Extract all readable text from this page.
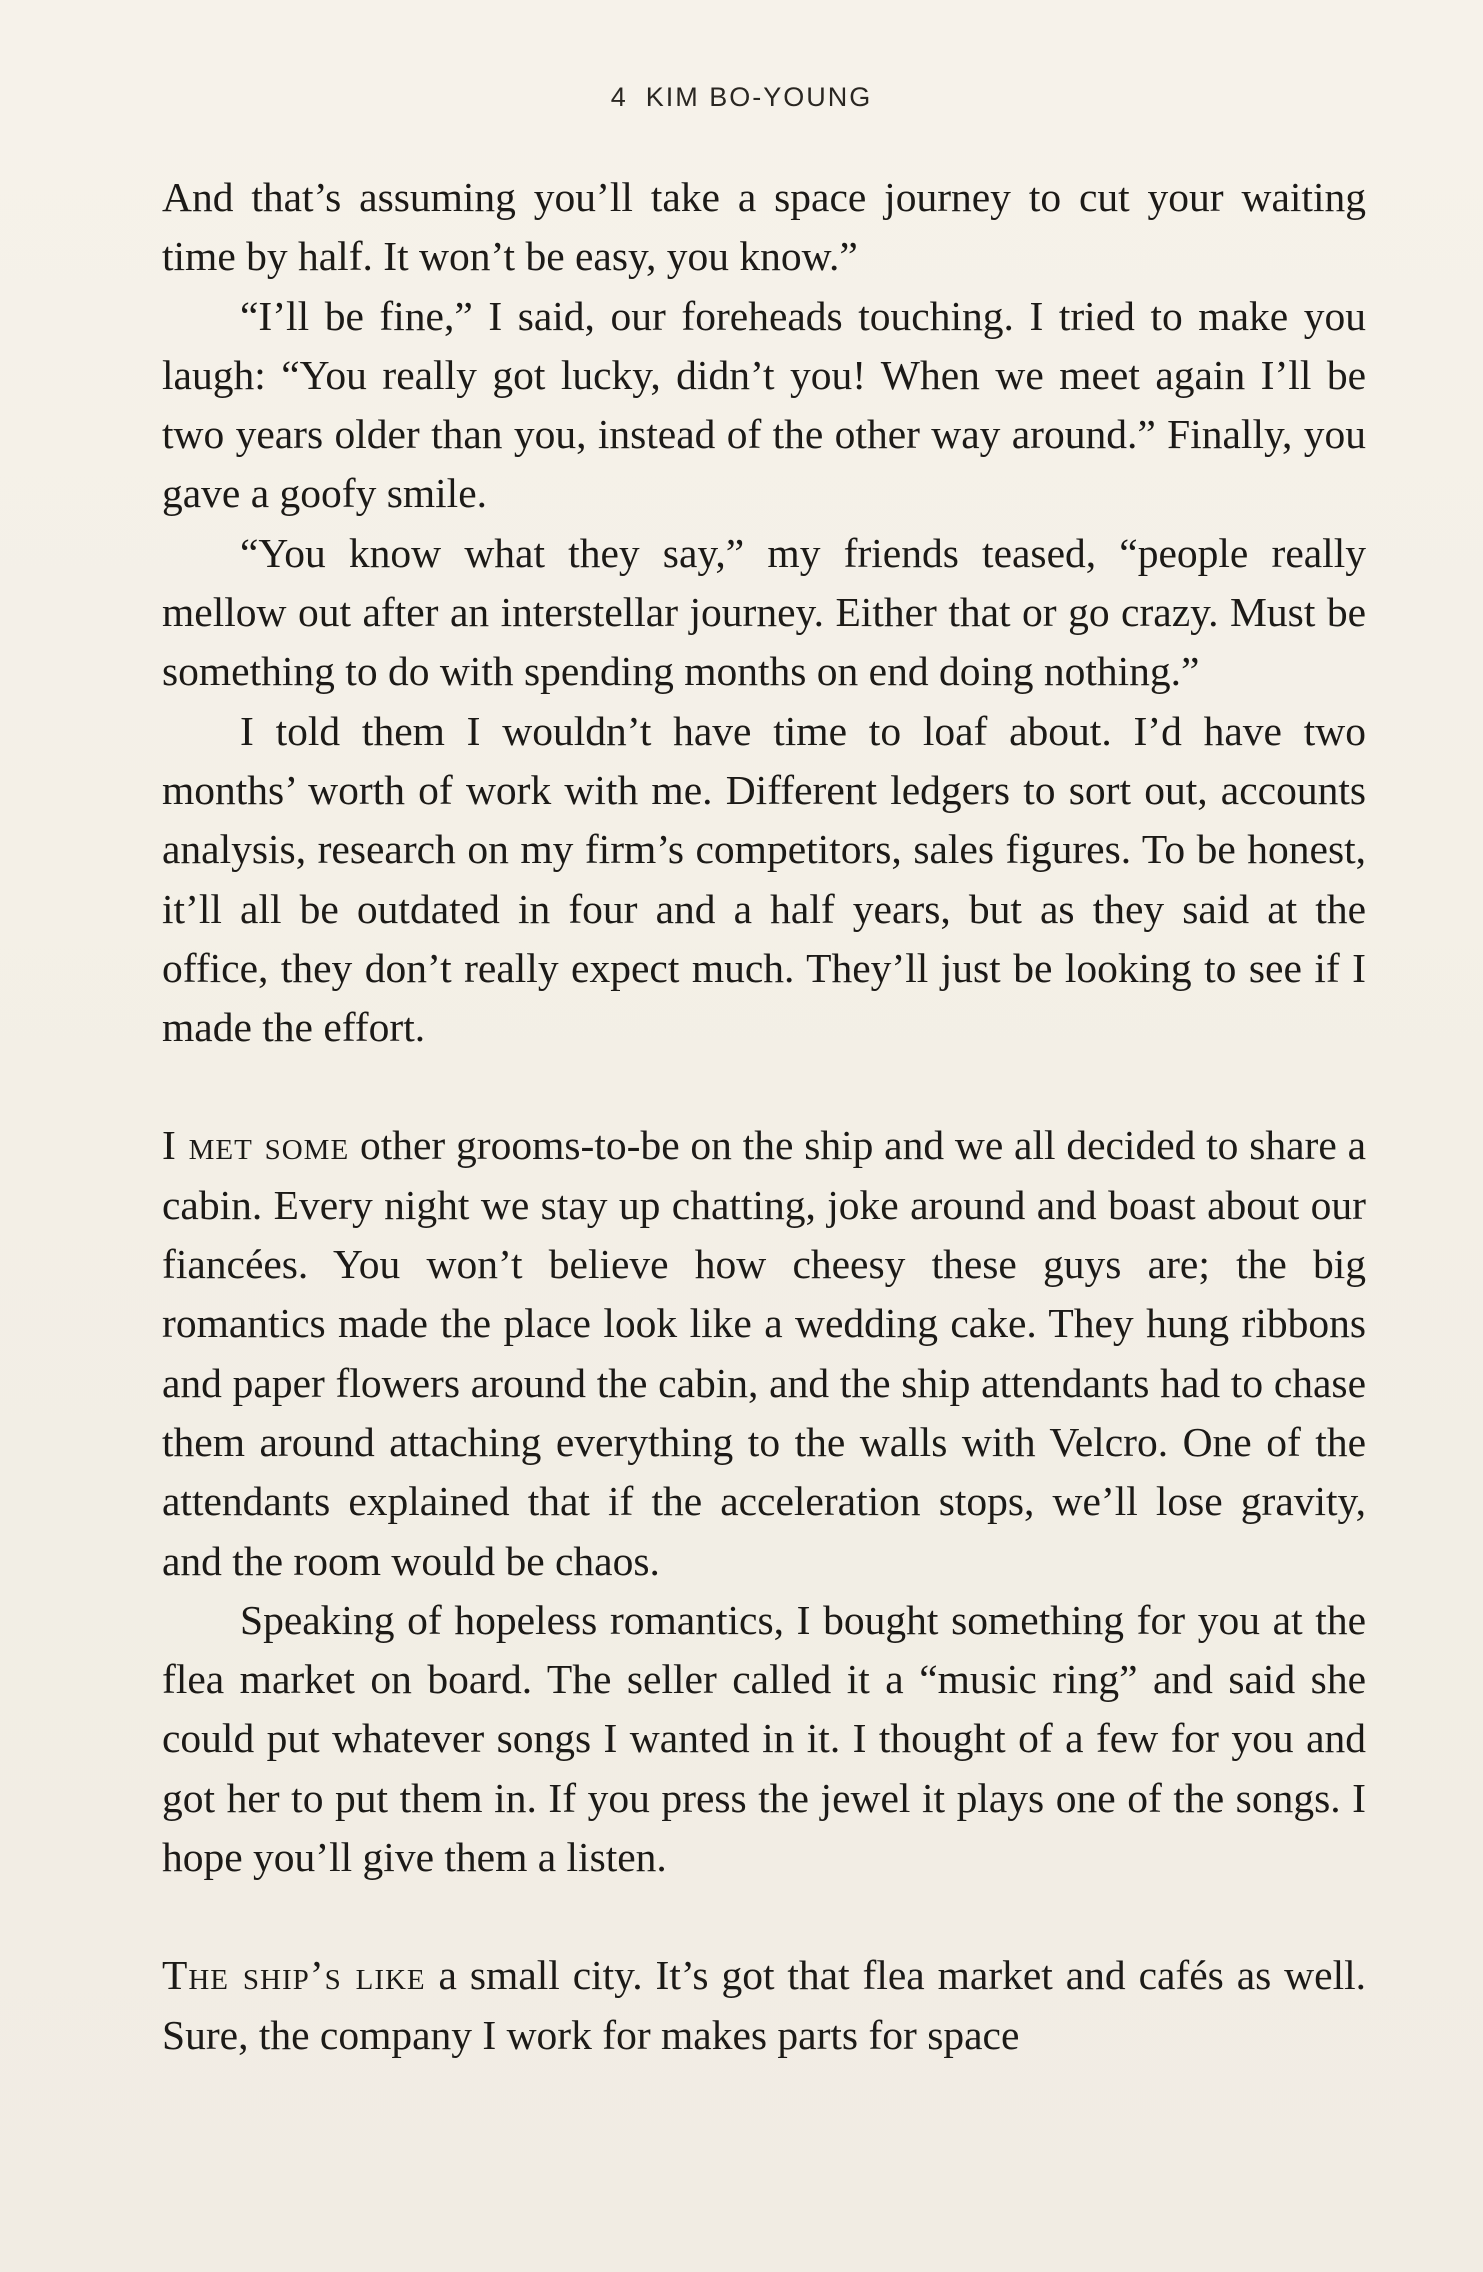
4 KIM BO-YOUNG

And that’s assuming you’ll take a space journey to cut your waiting time by half. It won’t be easy, you know.”

“I’ll be fine,” I said, our foreheads touching. I tried to make you laugh: “You really got lucky, didn’t you! When we meet again I’ll be two years older than you, instead of the other way around.” Finally, you gave a goofy smile.

“You know what they say,” my friends teased, “people really mellow out after an interstellar journey. Either that or go crazy. Must be something to do with spending months on end doing nothing.”

I told them I wouldn’t have time to loaf about. I’d have two months’ worth of work with me. Different ledgers to sort out, accounts analysis, research on my firm’s competitors, sales figures. To be honest, it’ll all be outdated in four and a half years, but as they said at the office, they don’t really expect much. They’ll just be looking to see if I made the effort.

I met some other grooms-to-be on the ship and we all decided to share a cabin. Every night we stay up chatting, joke around and boast about our fiancées. You won’t believe how cheesy these guys are; the big romantics made the place look like a wedding cake. They hung ribbons and paper flowers around the cabin, and the ship attendants had to chase them around attaching everything to the walls with Velcro. One of the attendants explained that if the acceleration stops, we’ll lose gravity, and the room would be chaos.

Speaking of hopeless romantics, I bought something for you at the flea market on board. The seller called it a “music ring” and said she could put whatever songs I wanted in it. I thought of a few for you and got her to put them in. If you press the jewel it plays one of the songs. I hope you’ll give them a listen.

The ship’s like a small city. It’s got that flea market and cafés as well. Sure, the company I work for makes parts for space
